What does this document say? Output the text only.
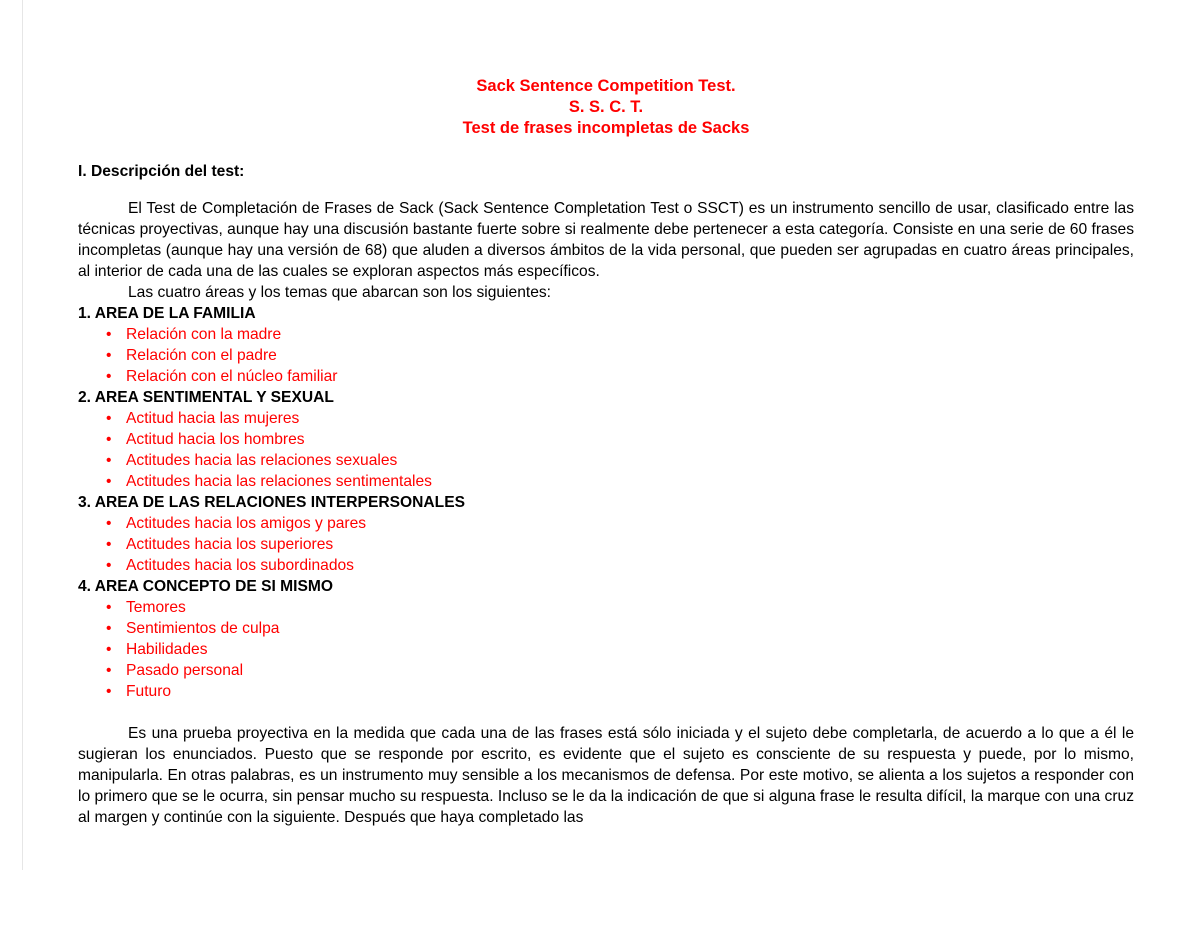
Sack Sentence Competition Test.
S. S. C. T.
Test de frases incompletas de Sacks
I. Descripción del test:

El Test de Completación de Frases de Sack (Sack Sentence Completation Test o SSCT) es un instrumento sencillo de usar, clasificado entre las técnicas proyectivas, aunque hay una discusión bastante fuerte sobre si realmente debe pertenecer a esta categoría. Consiste en una serie de 60 frases incompletas (aunque hay una versión de 68) que aluden a diversos ámbitos de la vida personal, que pueden ser agrupadas en cuatro áreas principales, al interior de cada una de las cuales se exploran aspectos más específicos.

Las cuatro áreas y los temas que abarcan son los siguientes:

1. AREA DE LA FAMILIA
• Relación con la madre
• Relación con el padre
• Relación con el núcleo familiar
2. AREA SENTIMENTAL Y SEXUAL
• Actitud hacia las mujeres
• Actitud hacia los hombres
• Actitudes hacia las relaciones sexuales
• Actitudes hacia las relaciones sentimentales
3. AREA DE LAS RELACIONES INTERPERSONALES
• Actitudes hacia los amigos y pares
• Actitudes hacia los superiores
• Actitudes hacia los subordinados
4. AREA CONCEPTO DE SI MISMO
• Temores
• Sentimientos de culpa
• Habilidades
• Pasado personal
• Futuro

Es una prueba proyectiva en la medida que cada una de las frases está sólo iniciada y el sujeto debe completarla, de acuerdo a lo que a él le sugieran los enunciados. Puesto que se responde por escrito, es evidente que el sujeto es consciente de su respuesta y puede, por lo mismo, manipularla. En otras palabras, es un instrumento muy sensible a los mecanismos de defensa. Por este motivo, se alienta a los sujetos a responder con lo primero que se le ocurra, sin pensar mucho su respuesta. Incluso se le da la indicación de que si alguna frase le resulta difícil, la marque con una cruz al margen y continúe con la siguiente. Después que haya completado las
